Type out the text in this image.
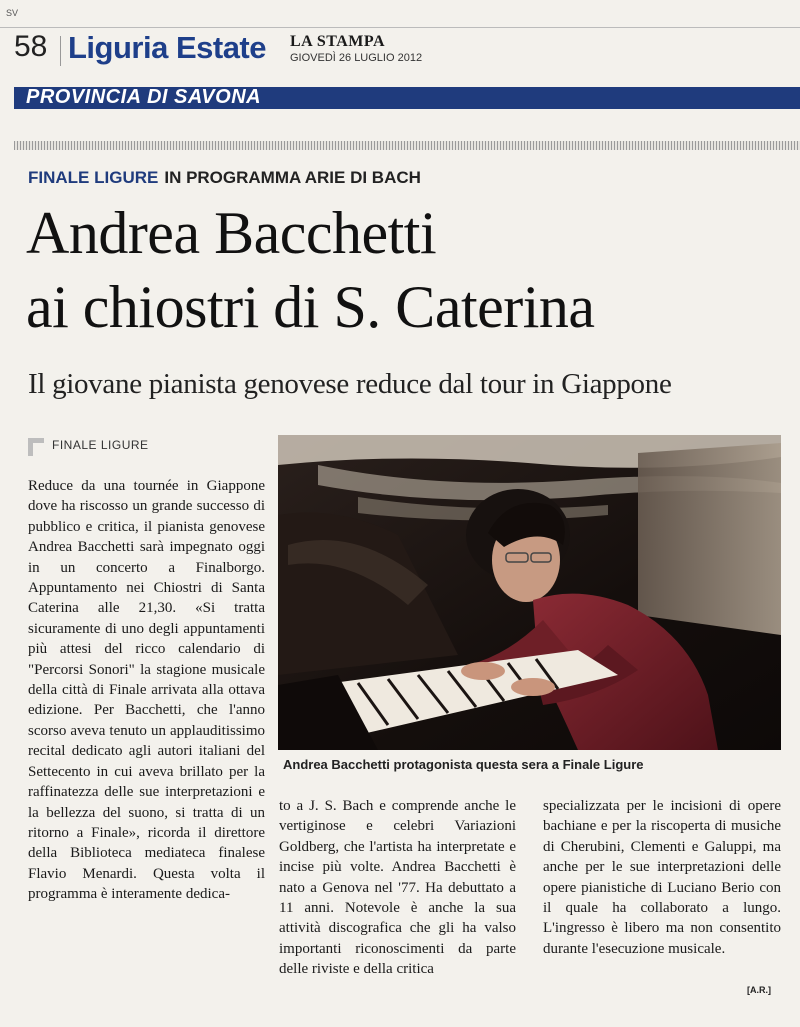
SV
58 Liguria Estate LA STAMPA
GIOVEDÌ 26 LUGLIO 2012
PROVINCIA DI SAVONA
FINALE LIGURE IN PROGRAMMA ARIE DI BACH
Andrea Bacchetti
ai chiostri di S. Caterina
Il giovane pianista genovese reduce dal tour in Giappone
FINALE LIGURE
Reduce da una tournée in Giappone dove ha riscosso un grande successo di pubblico e critica, il pianista genovese Andrea Bacchetti sarà impegnato oggi in un concerto a Finalborgo. Appuntamento nei Chiostri di Santa Caterina alle 21,30. «Si tratta sicuramente di uno degli appuntamenti più attesi del ricco calendario di "Percorsi Sonori" la stagione musicale della città di Finale arrivata alla ottava edizione. Per Bacchetti, che l'anno scorso aveva tenuto un applauditissimo recital dedicato agli autori italiani del Settecento in cui aveva brillato per la raffinatezza delle sue interpretazioni e la bellezza del suono, si tratta di un ritorno a Finale», ricorda il direttore della Biblioteca mediateca finalese Flavio Menardi. Questa volta il programma è interamente dedica-
Andrea Bacchetti protagonista questa sera a Finale Ligure
to a J. S. Bach e comprende anche le vertiginose e celebri Variazioni Goldberg, che l'artista ha interpretate e incise più volte. Andrea Bacchetti è nato a Genova nel '77. Ha debuttato a 11 anni. Notevole è anche la sua attività discografica che gli ha valso importanti riconoscimenti da parte delle riviste e della critica
specializzata per le incisioni di opere bachiane e per la riscoperta di musiche di Cherubini, Clementi e Galuppi, ma anche per le sue interpretazioni delle opere pianistiche di Luciano Berio con il quale ha collaborato a lungo. L'ingresso è libero ma non consentito durante l'esecuzione musicale.
[A.R.]
